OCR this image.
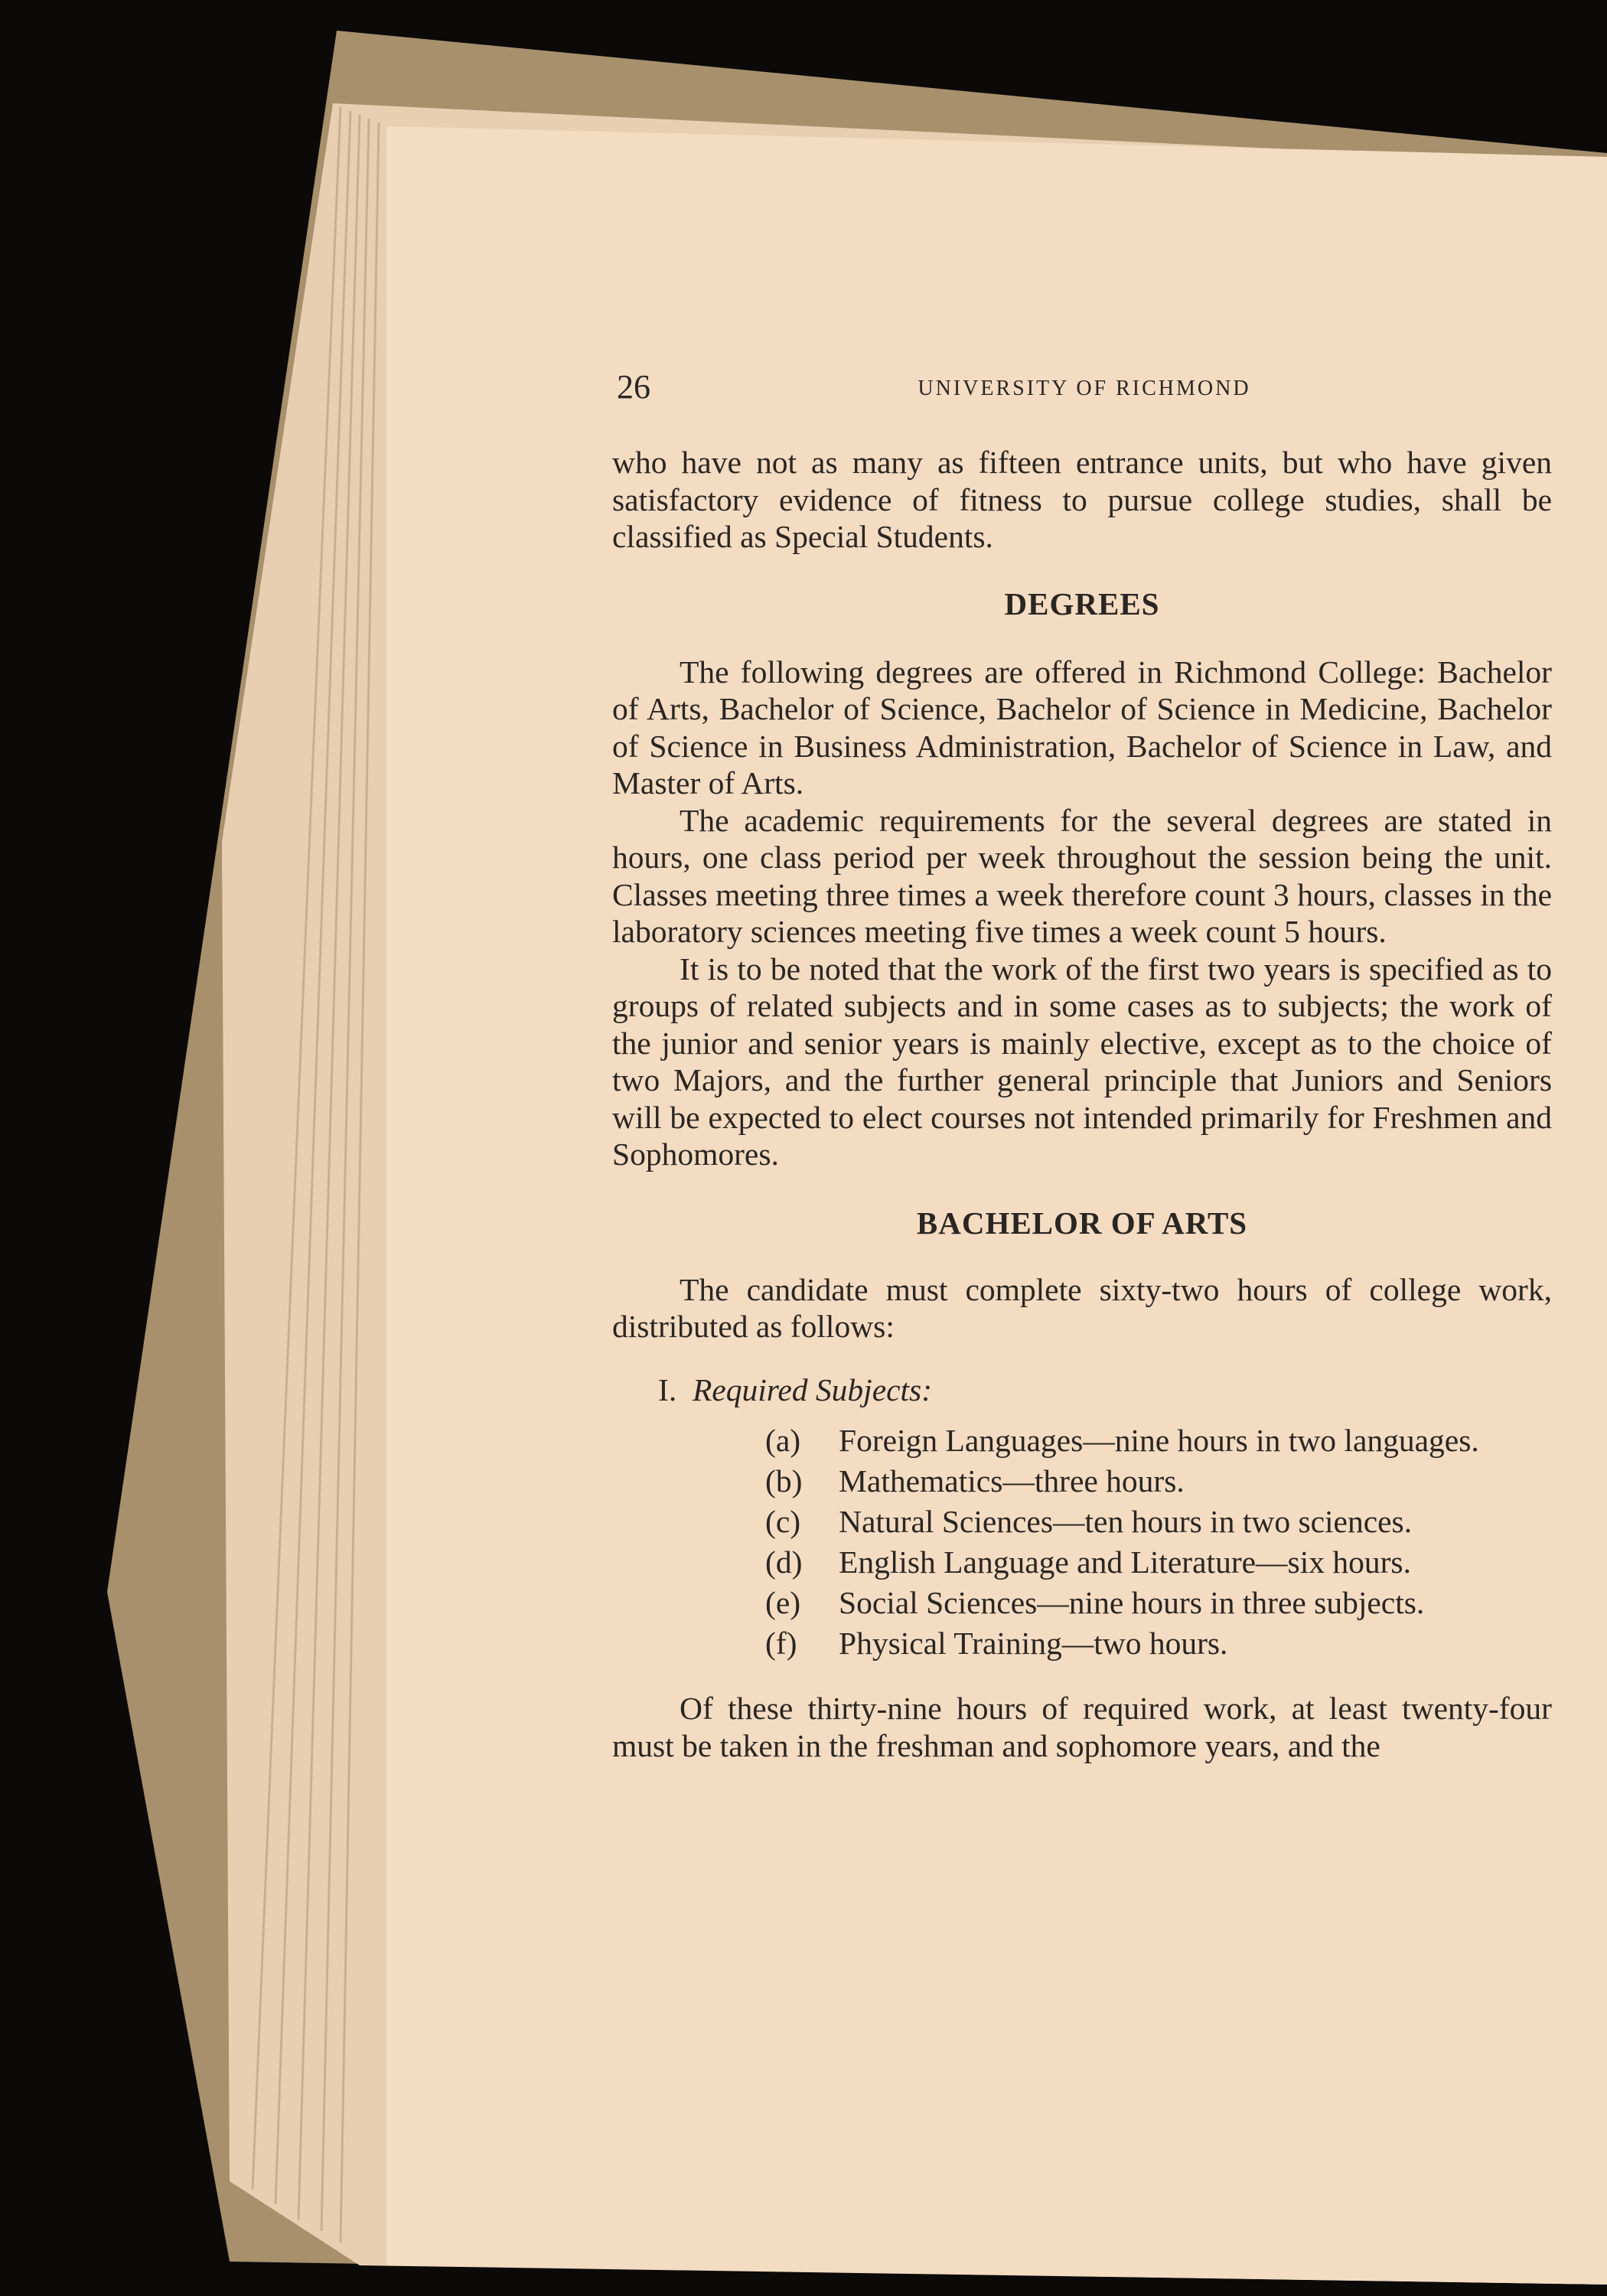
26	UNIVERSITY OF RICHMOND

who have not as many as fifteen entrance units, but who have given satisfactory evidence of fitness to pursue college studies, shall be classified as Special Students.

DEGREES

The following degrees are offered in Richmond College: Bachelor of Arts, Bachelor of Science, Bachelor of Science in Medicine, Bachelor of Science in Business Administration, Bachelor of Science in Law, and Master of Arts.

The academic requirements for the several degrees are stated in hours, one class period per week throughout the session being the unit. Classes meeting three times a week therefore count 3 hours, classes in the laboratory sciences meeting five times a week count 5 hours.

It is to be noted that the work of the first two years is specified as to groups of related subjects and in some cases as to subjects; the work of the junior and senior years is mainly elective, except as to the choice of two Majors, and the further general principle that Juniors and Seniors will be expected to elect courses not intended primarily for Freshmen and Sophomores.

BACHELOR OF ARTS

The candidate must complete sixty-two hours of college work, distributed as follows:

I. Required Subjects:

(a) Foreign Languages—nine hours in two languages.
(b) Mathematics—three hours.
(c) Natural Sciences—ten hours in two sciences.
(d) English Language and Literature—six hours.
(e) Social Sciences—nine hours in three subjects.
(f) Physical Training—two hours.

Of these thirty-nine hours of required work, at least twenty-four must be taken in the freshman and sophomore years, and the
